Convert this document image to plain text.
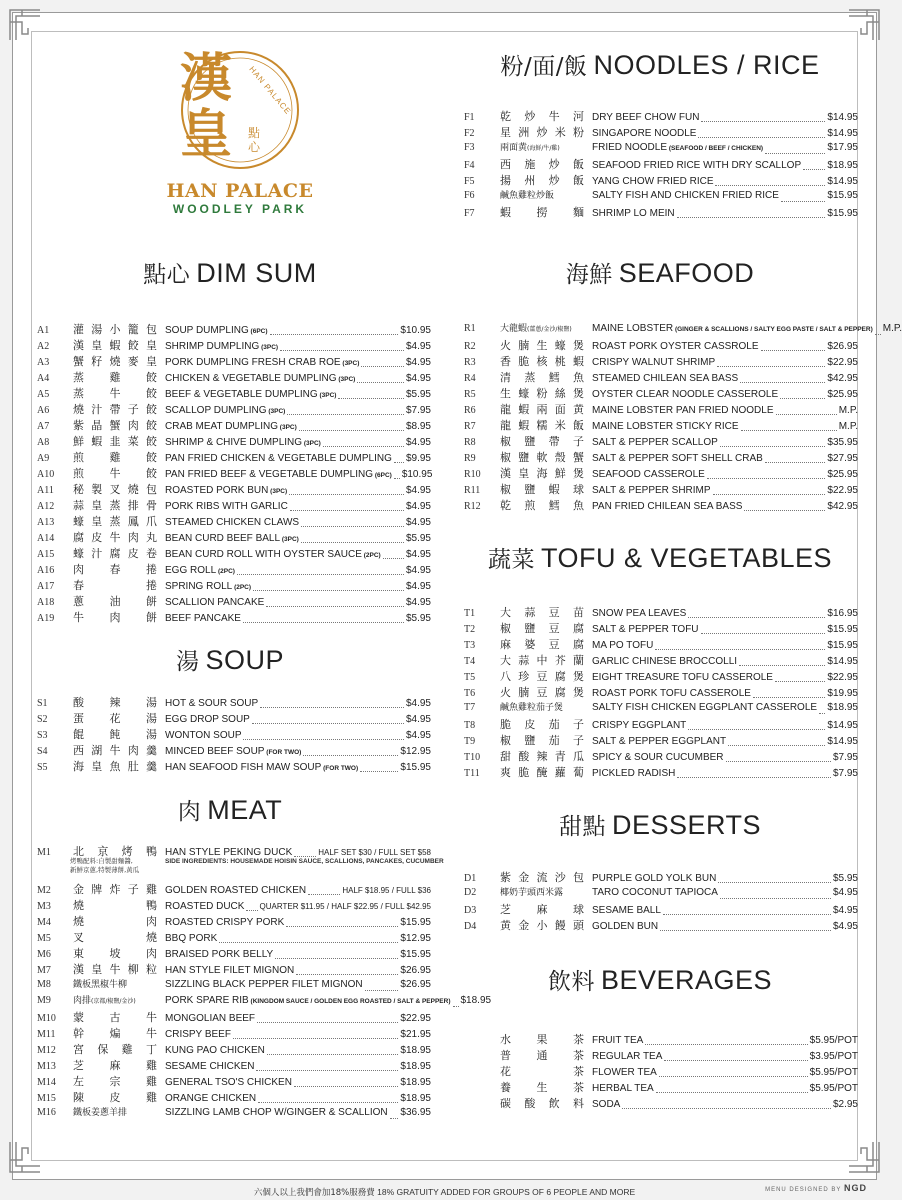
漢
皇 點心
HAN PALACE
HAN PALACE
WOODLEY PARK
粉/面/飯 NOODLES / RICE
點心 DIM SUM	海鮮 SEAFOOD
蔬菜 TOFU & VEGETABLES
湯 SOUP
肉 MEAT
甜點 DESSERTS
飲料 BEVERAGES
F1	乾炒牛河 DRY BEEF CHOW FUN	$14.95
F2	星洲炒米粉 SINGAPORE NOODLE	$14.95
F3	兩面黄(海鮮/牛/雞)	FRIED NOODLE (SEAFOOD / BEEF / CHICKEN)	$17.95
F4	西施炒飯 SEAFOOD FRIED RICE WITH DRY SCALLOP	$18.95
F5	揚州炒飯 YANG CHOW FRIED RICE	$14.95
F6	鹹魚雞粒炒飯	SALTY FISH AND CHICKEN FRIED RICE	$15.95
F7	蝦撈麵 SHRIMP LO MEIN	$15.95
A1	灌湯小籠包 SOUP DUMPLING (6PC)	$10.95
A2	漢皇蝦餃皇 SHRIMP DUMPLING (3PC)	$4.95
A3	蟹籽燒麥皇 PORK DUMPLING FRESH CRAB ROE (3PC)	$4.95
A4	蒸雞餃 CHICKEN & VEGETABLE DUMPLING (3PC)	$4.95
A5	蒸牛餃 BEEF & VEGETABLE DUMPLING (3PC)	$5.95
A6	燒汁帶子餃 SCALLOP DUMPLING (3PC)	$7.95
A7	紫晶蟹肉餃 CRAB MEAT DUMPLING (3PC)	$8.95
A8	鮮蝦韭菜餃 SHRIMP & CHIVE DUMPLING (3PC)	$4.95
A9	煎雞餃 PAN FRIED CHICKEN & VEGETABLE DUMPLING $9.95
A10	煎牛餃 PAN FRIED BEEF & VEGETABLE DUMPLING (6PC) $10.95
A11	秘製叉燒包 ROASTED PORK BUN (3PC)	$4.95
A12	蒜皇蒸排骨 PORK RIBS WITH GARLIC	$4.95
A13	蠔皇蒸鳳爪 STEAMED CHICKEN CLAWS	$4.95
A14	腐皮牛肉丸 BEAN CURD BEEF BALL (3PC)	$5.95
A15	蠔汁腐皮卷 BEAN CURD ROLL WITH OYSTER SAUCE (2PC)	$4.95
A16	肉春捲 EGG ROLL (2PC)	$4.95
A17	春捲 SPRING ROLL (2PC)	$4.95
A18	蔥油餅 SCALLION PANCAKE	$4.95
A19	牛肉餅 BEEF PANCAKE	$5.95
R1	大龍蝦(薑蔥/金沙/椒鹽)	MAINE LOBSTER (GINGER & SCALLIONS / SALTY EGG PASTE / SALT & PEPPER) M.P.
R2	火腩生蠔煲 ROAST PORK OYSTER CASSROLE	$26.95
R3	香脆核桃蝦 CRISPY WALNUT SHRIMP	$22.95
R4	清蒸鱈魚 STEAMED CHILEAN SEA BASS	$42.95
R5	生蠔粉絲煲 OYSTER CLEAR NOODLE CASSEROLE	$25.95
R6	龍蝦兩面黄 MAINE LOBSTER PAN FRIED NOODLE	M.P.
R7	龍蝦糯米飯 MAINE LOBSTER STICKY RICE	M.P.
R8	椒鹽帶子 SALT & PEPPER SCALLOP	$35.95
R9	椒鹽軟殼蟹 SALT & PEPPER SOFT SHELL CRAB	$27.95
R10	漢皇海鮮煲 SEAFOOD CASSEROLE	$25.95
R11	椒鹽蝦球 SALT & PEPPER SHRIMP	$22.95
R12	乾煎鱈魚 PAN FRIED CHILEAN SEA BASS	$42.95
T1	大蒜豆苗 SNOW PEA LEAVES	$16.95
T2	椒鹽豆腐 SALT & PEPPER TOFU	$15.95
T3	麻婆豆腐 MA PO TOFU	$15.95
T4	大蒜中芥蘭 GARLIC CHINESE BROCCOLLI	$14.95
T5	八珍豆腐煲 EIGHT TREASURE TOFU CASSEROLE	$22.95
T6	火腩豆腐煲 ROAST PORK TOFU CASSEROLE	$19.95
T7	鹹魚雞粒茄子煲	SALTY FISH CHICKEN EGGPLANT CASSEROLE $18.95
T8	脆皮茄子 CRISPY EGGPLANT	$14.95
T9	椒鹽茄子 SALT & PEPPER EGGPLANT	$14.95
T10	甜酸辣青瓜 SPICY & SOUR CUCUMBER	$7.95
T11	爽脆醃蘿蔔 PICKLED RADISH	$7.95
S1	酸辣湯 HOT & SOUR SOUP	$4.95
S2	蛋花湯 EGG DROP SOUP	$4.95
S3	餛飩湯 WONTON SOUP	$4.95
S4	西湖牛肉羹 MINCED BEEF SOUP (FOR TWO)	$12.95
S5	海皇魚肚羹 HAN SEAFOOD FISH MAW SOUP (FOR TWO)	$15.95
M1	北京烤鴨 HAN STYLE PEKING DUCK	HALF SET $30 / FULL SET $58
M2	金牌炸子雞 GOLDEN ROASTED CHICKEN	HALF $18.95 / FULL $36
M3	燒鴨 ROASTED DUCK QUARTER $11.95 / HALF $22.95 / FULL $42.95
M4	燒肉 ROASTED CRISPY PORK	$15.95
M5	叉燒 BBQ PORK	$12.95
M6	東坡肉 BRAISED PORK BELLY	$15.95
M7	漢皇牛柳粒 HAN STYLE FILET MIGNON	$26.95
M8	鐵板黑椒牛柳	SIZZLING BLACK PEPPER FILET MIGNON	$26.95
M9	肉排(京都/椒鹽/金沙)	PORK SPARE RIB (KINGDOM SAUCE / GOLDEN EGG ROASTED / SALT & PEPPER) $18.95
M10	蒙古牛 MONGOLIAN BEEF	$22.95
M11	幹煸牛 CRISPY BEEF	$21.95
M12	宮保雞丁 KUNG PAO CHICKEN	$18.95
M13	芝麻雞 SESAME CHICKEN	$18.95
M14	左宗雞 GENERAL TSO'S CHICKEN	$18.95
M15	陳皮雞 ORANGE CHICKEN	$18.95
M16	鐵板姜蔥羊排	SIZZLING LAMB CHOP W/GINGER & SCALLION $36.95
D1	紫金流沙包 PURPLE GOLD YOLK BUN	$5.95
D2	椰奶芋頭西米露	TARO COCONUT TAPIOCA	$4.95
D3	芝麻球 SESAME BALL	$4.95
D4	黄金小饅頭 GOLDEN BUN	$4.95
水果茶 FRUIT TEA	$5.95/POT
普通茶 REGULAR TEA	$3.95/POT
花茶 FLOWER TEA	$5.95/POT
養生茶 HERBAL TEA	$5.95/POT
碳酸飲料 SODA	$2.95
SIDE INGREDIENTS: HOUSEMADE HOISIN SAUCE, SCALLIONS, PANCAKES, CUCUMBER
烤鴨配料:自製甜麵醬,
新鮮京蔥,特製薄餅,黃瓜
六個人以上我們會加18%服務費 18% GRATUITY ADDED FOR GROUPS OF 6 PEOPLE AND MORE	MENU DESIGNED BY NGD
